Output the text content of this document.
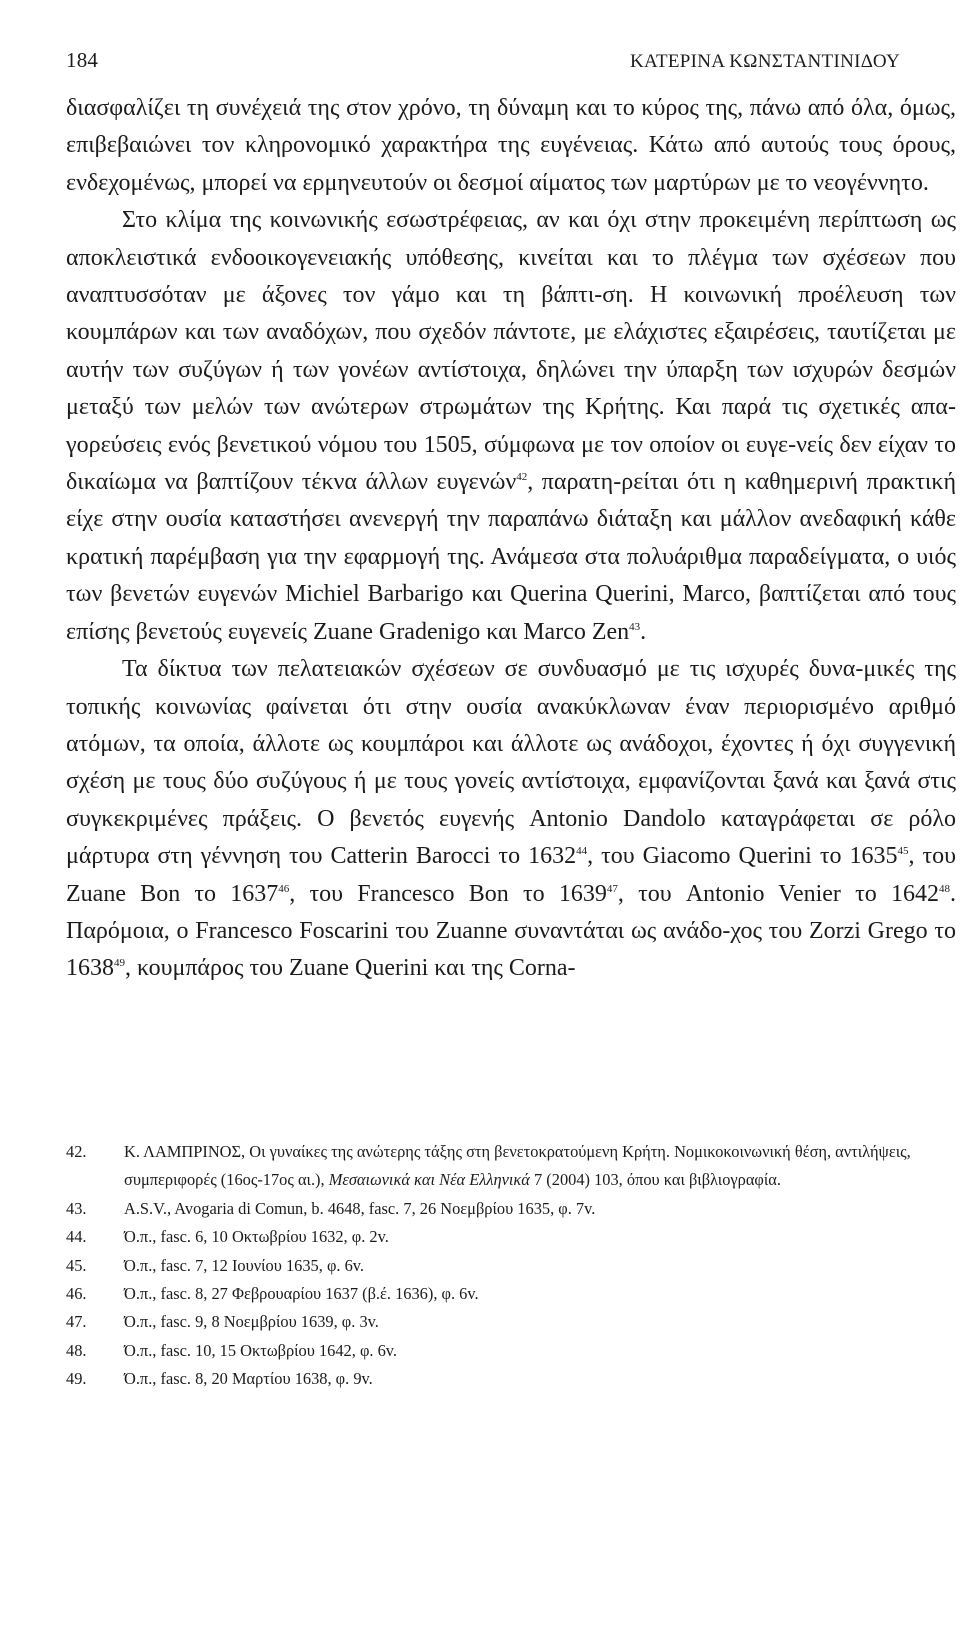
184	ΚΑΤΕΡΙΝΑ ΚΩΝΣΤΑΝΤΙΝΙΔΟΥ

διασφαλίζει τη συνέχειά της στον χρόνο, τη δύναμη και το κύρος της, πάνω από όλα, όμως, επιβεβαιώνει τον κληρονομικό χαρακτήρα της ευγένειας. Κάτω από αυτούς τους όρους, ενδεχομένως, μπορεί να ερμηνευτούν οι δεσμοί αίματος των μαρτύρων με το νεογέννητο.

Στο κλίμα της κοινωνικής εσωστρέφειας, αν και όχι στην προκειμένη περίπτωση ως αποκλειστικά ενδοοικογενειακής υπόθεσης, κινείται και το πλέγμα των σχέσεων που αναπτυσσόταν με άξονες τον γάμο και τη βάπτι-ση. Η κοινωνική προέλευση των κουμπάρων και των αναδόχων, που σχεδόν πάντοτε, με ελάχιστες εξαιρέσεις, ταυτίζεται με αυτήν των συζύγων ή των γονέων αντίστοιχα, δηλώνει την ύπαρξη των ισχυρών δεσμών μεταξύ των μελών των ανώτερων στρωμάτων της Κρήτης. Και παρά τις σχετικές απα-γορεύσεις ενός βενετικού νόμου του 1505, σύμφωνα με τον οποίον οι ευγε-νείς δεν είχαν το δικαίωμα να βαπτίζουν τέκνα άλλων ευγενών$^{42}$, παρατη-ρείται ότι η καθημερινή πρακτική είχε στην ουσία καταστήσει ανενεργή την παραπάνω διάταξη και μάλλον ανεδαφική κάθε κρατική παρέμβαση για την εφαρμογή της. Ανάμεσα στα πολυάριθμα παραδείγματα, ο υιός των βενετών ευγενών Michiel Barbarigo και Querina Querini, Marco, βαπτίζεται από τους επίσης βενετούς ευγενείς Zuane Gradenigo και Marco Zen$^{43}$.

Τα δίκτυα των πελατειακών σχέσεων σε συνδυασμό με τις ισχυρές δυνα-μικές της τοπικής κοινωνίας φαίνεται ότι στην ουσία ανακύκλωναν έναν περιορισμένο αριθμό ατόμων, τα οποία, άλλοτε ως κουμπάροι και άλλοτε ως ανάδοχοι, έχοντες ή όχι συγγενική σχέση με τους δύο συζύγους ή με τους γονείς αντίστοιχα, εμφανίζονται ξανά και ξανά στις συγκεκριμένες πράξεις. Ο βενετός ευγενής Antonio Dandolo καταγράφεται σε ρόλο μάρτυρα στη γέννηση του Catterin Barocci το 1632$^{44}$, του Giacomo Querini το 1635$^{45}$, του Zuane Bon το 1637$^{46}$, του Francesco Bon το 1639$^{47}$, του Antonio Venier το 1642$^{48}$. Παρόμοια, ο Francesco Foscarini του Zuanne συναντάται ως ανάδο-χος του Zorzi Grego το 1638$^{49}$, κουμπάρος του Zuane Querini και της Corna-

42.	Κ. ΛΑΜΠΡΙΝΟΣ, Οι γυναίκες της ανώτερης τάξης στη βενετοκρατούμενη Κρήτη. Νομικοκοινωνική θέση, αντιλήψεις, συμπεριφορές (16ος-17ος αι.), Μεσαιωνικά και Νέα Ελληνικά 7 (2004) 103, όπου και βιβλιογραφία.
43.	A.S.V., Avogaria di Comun, b. 4648, fasc. 7, 26 Νοεμβρίου 1635, φ. 7v.
44.	Ό.π., fasc. 6, 10 Οκτωβρίου 1632, φ. 2v.
45.	Ό.π., fasc. 7, 12 Ιουνίου 1635, φ. 6v.
46.	Ό.π., fasc. 8, 27 Φεβρουαρίου 1637 (β.έ. 1636), φ. 6v.
47.	Ό.π., fasc. 9, 8 Νοεμβρίου 1639, φ. 3v.
48.	Ό.π., fasc. 10, 15 Οκτωβρίου 1642, φ. 6v.
49.	Ό.π., fasc. 8, 20 Μαρτίου 1638, φ. 9v.
